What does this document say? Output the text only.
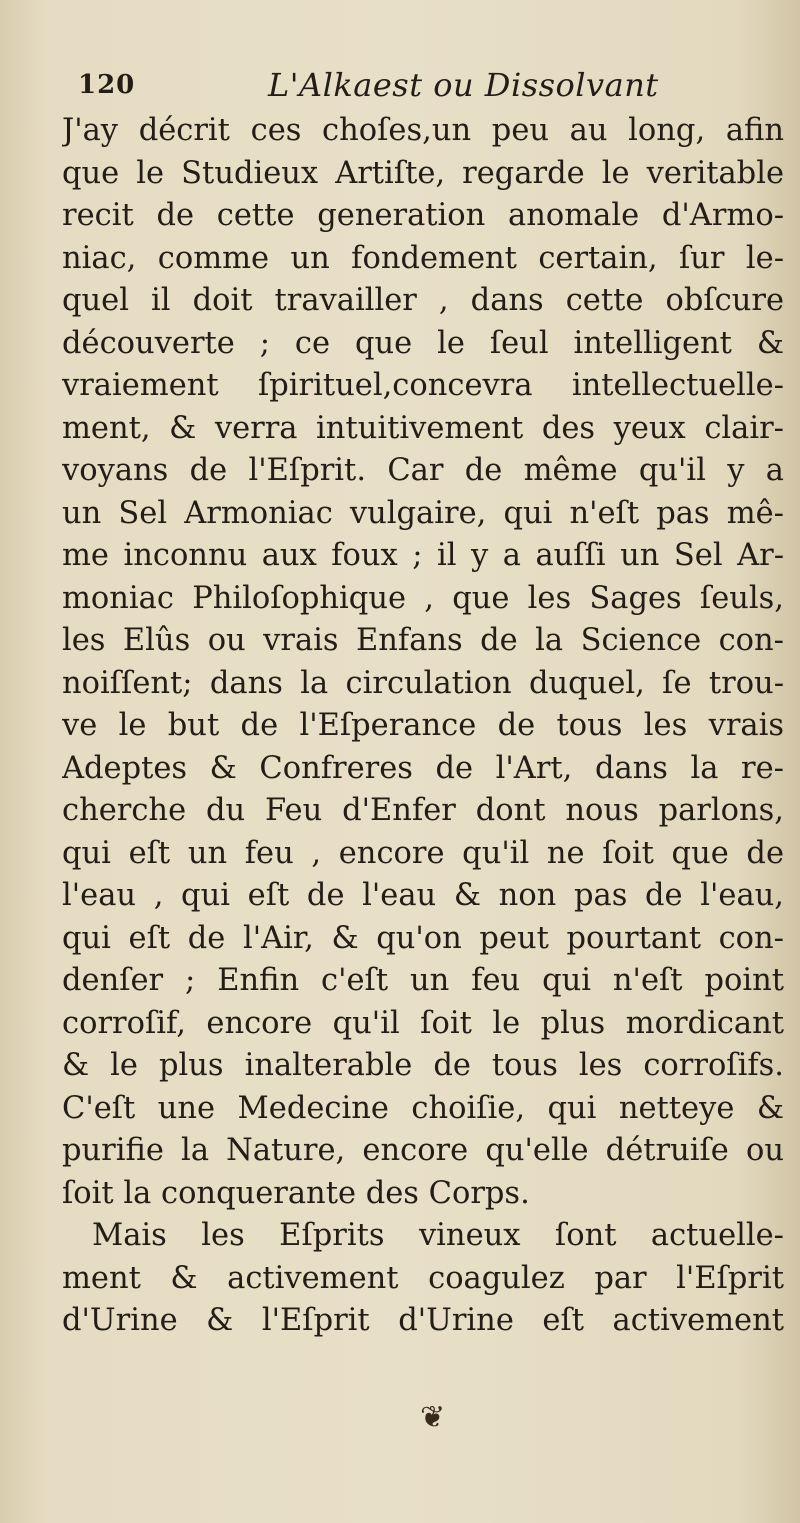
120	L'Alkaest ou Dissolvant
J'ay décrit ces choſes,un peu au long, afin
que le Studieux Artiſte, regarde le veritable
recit de cette generation anomale d'Armo-
niac, comme un fondement certain, ſur le-
quel il doit travailler , dans cette obſcure
découverte ; ce que le ſeul intelligent &
vraiement ſpirituel,concevra intellectuelle-
ment, & verra intuitivement des yeux clair-
voyans de l'Eſprit. Car de même qu'il y a
un Sel Armoniac vulgaire, qui n'eſt pas mê-
me inconnu aux foux ; il y a auſſi un Sel Ar-
moniac Philoſophique , que les Sages ſeuls,
les Elûs ou vrais Enfans de la Science con-
noiſſent; dans la circulation duquel, ſe trou-
ve le but de l'Eſperance de tous les vrais
Adeptes & Confreres de l'Art, dans la re-
cherche du Feu d'Enfer dont nous parlons,
qui eſt un feu , encore qu'il ne ſoit que de
l'eau , qui eſt de l'eau & non pas de l'eau,
qui eſt de l'Air, & qu'on peut pourtant con-
denſer ; Enfin c'eſt un feu qui n'eſt point
corroſif, encore qu'il ſoit le plus mordicant
& le plus inalterable de tous les corroſifs.
C'eſt une Medecine choiſie, qui netteye &
purifie la Nature, encore qu'elle détruiſe ou
ſoit la conquerante des Corps.
Mais les Eſprits vineux ſont actuelle-
ment & activement coagulez par l'Eſprit
d'Urine & l'Eſprit d'Urine eſt activement
❦
